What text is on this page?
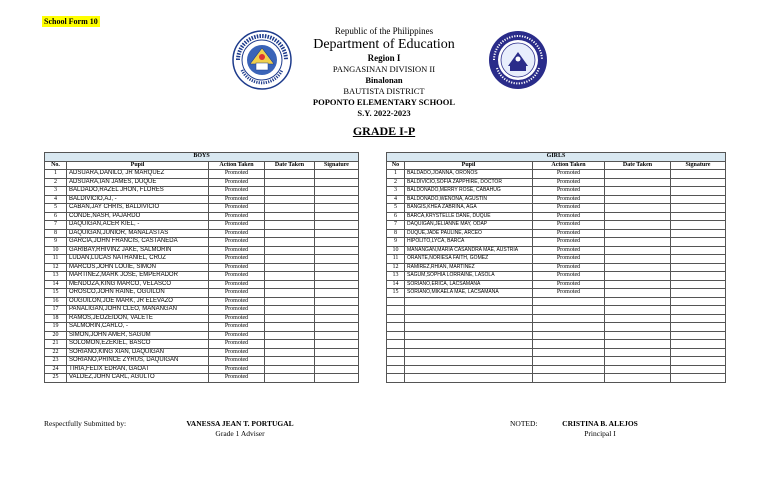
School Form 10
Republic of the Philippines
Department of Education
Region I
PANGASINAN DIVISION II
Binalonan
BAUTISTA DISTRICT
POPONTO ELEMENTARY SCHOOL
S.Y. 2022-2023
GRADE I-P
BOYS				
No.	Pupil	Action Taken	Date Taken	Signature
1	ADSUARA,DANILO, JR MARQUEZ	Promoted		
2	ADSUARA,IAN JAMES, DUQUE	Promoted		
3	BALDADO,RAZEL JHON, FLORES	Promoted		
4	BALDIVICIO,AJ, -	Promoted		
5	CABAN,JAY CHRIS, BALDIVICIO	Promoted		
6	CONDE,NASH, PAJARDO	Promoted		
7	DAQUIGAN,ACER KIEL, -	Promoted		
8	DAQUIGAN,JUNIOR, MANALASTAS	Promoted		
9	GARCIA,JOHN FRANCIS, CASTANEDA	Promoted		
10	GARIBAY,RHIVINZ JAKE, SALMORIN	Promoted		
11	LUDAN,LUCAS NATHANIEL, CRUZ	Promoted		
12	MARCOS,JOHN LOUIE, SIMON	Promoted		
13	MARTINEZ,MARK JOSE, EMPERADOR	Promoted		
14	MENDOZA,KING MARCO, VELASCO	Promoted		
15	OROSCO,JOHN RAINE, OGUILON	Promoted		
16	OUGUILON,JOE MARK, JR ELEVAZO	Promoted		
17	PANALIGAN,JOHN CLEO, MANANGAN	Promoted		
18	RAMOS,JEOZEIDON, VALETE	Promoted		
19	SALMORIN,CARLO, -	Promoted		
20	SIMON,JOHN AMER, SAGUM	Promoted		
21	SOLOMON,EZEKIEL, BASCO	Promoted		
22	SORIANO,KING XIAN, DAQUIGAN	Promoted		
23	SORIANO,PRINCE ZYRUS, DAQUIGAN	Promoted		
24	TIRIA,FELIX EDRAN, GAOAT	Promoted		
25	VALDEZ,JOHN CARL, AGULTO	Promoted		
GIRLS				
No	Pupil	Action Taken	Date Taken	Signature
1	BALDADO,JOANNA, ORONOS	Promoted		
2	BALDIVICIO,SOFIA ZAPPHIRE, DOCTOR	Promoted		
3	BALDONADO,MERRY ROSE, CABAHUG	Promoted		
4	BALDONADO,WENONA, AGUSTIN	Promoted		
5	BANGIS,KHEA ZABRINA, AGA	Promoted		
6	BARCA,KRYSTELLE DANE, DUQUE	Promoted		
7	DAQUIGAN,JELIANNE MAY, ODAP	Promoted		
8	DUQUE,JADE PAULINE, ARCEO	Promoted		
9	HIPOLITO,LYCA, BARCA	Promoted		
10	MANANGAN,MARIA CASANDRA MAE, AUSTRIA	Promoted		
11	ORANTE,NORIESA FAITH, GOMEZ	Promoted		
12	RAMIREZ,RHIAN, MARTINEZ	Promoted		
13	SAGUM,SOPHIA LORRAINE, LASOLA	Promoted		
14	SORIANO,ERICA, LACSAMANA	Promoted		
15	SORIANO,MIKAELA MAE, LACSAMANA	Promoted		

Respectfully Submitted by:	VANESSA JEAN T. PORTUGAL
Grade 1 Adviser
NOTED:	CRISTINA B. ALEJOS
Principal I
